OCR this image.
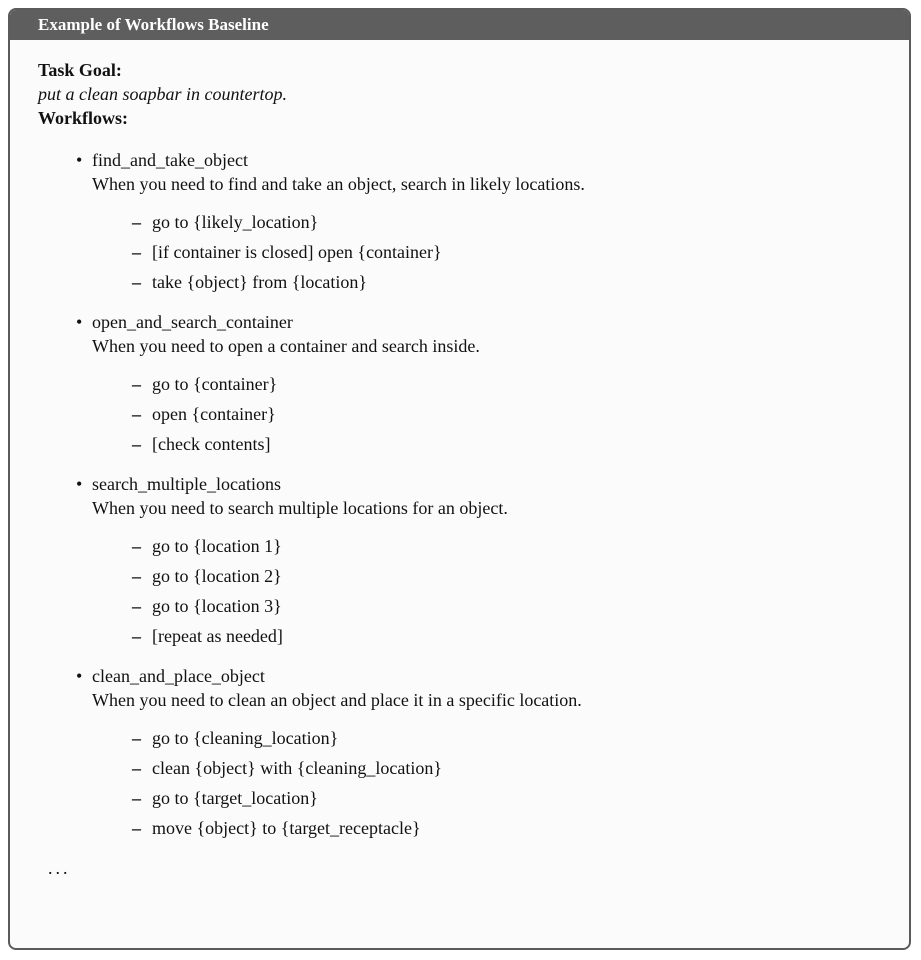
Example of Workflows Baseline
Task Goal:
put a clean soapbar in countertop.
Workflows:
• find_and_take_object
When you need to find and take an object, search in likely locations.
– go to {likely_location}
– [if container is closed] open {container}
– take {object} from {location}
• open_and_search_container
When you need to open a container and search inside.
– go to {container}
– open {container}
– [check contents]
• search_multiple_locations
When you need to search multiple locations for an object.
– go to {location 1}
– go to {location 2}
– go to {location 3}
– [repeat as needed]
• clean_and_place_object
When you need to clean an object and place it in a specific location.
– go to {cleaning_location}
– clean {object} with {cleaning_location}
– go to {target_location}
– move {object} to {target_receptacle}
...
